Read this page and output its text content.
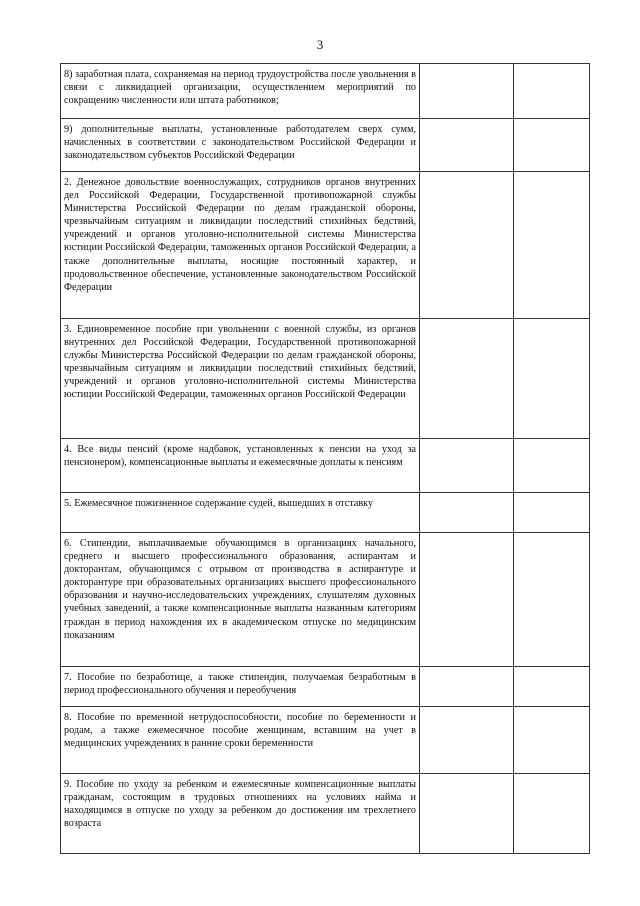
3
8) заработная плата, сохраняемая на период трудоустройства после увольнения в связи с ликвидацией организации, осуществлением мероприятий по сокращению численности или штата работников;		

9) дополнительные выплаты, установленные работодателем сверх сумм, начисленных в соответствии с законодательством Российской Федерации и законодательством субъектов Российской Федерации		

2. Денежное довольствие военнослужащих, сотрудников органов внутренних дел Российской Федерации, Государственной противопожарной службы Министерства Российской Федерации по делам гражданской обороны, чрезвычайным ситуациям и ликвидации последствий стихийных бедствий, учреждений и органов уголовно-исполнительной системы Министерства юстиции Российской Федерации, таможенных органов Российской Федерации, а также дополнительные выплаты, носящие постоянный характер, и продовольственное обеспечение, установленные законодательством Российской Федерации		

3. Единовременное пособие при увольнении с военной службы, из органов внутренних дел Российской Федерации, Государственной противопожарной службы Министерства Российской Федерации по делам гражданской обороны, чрезвычайным ситуациям и ликвидации последствий стихийных бедствий, учреждений и органов уголовно-исполнительной системы Министерства юстиции Российской Федерации, таможенных органов Российской Федерации		

4. Все виды пенсий (кроме надбавок, установленных к пенсии на уход за пенсионером), компенсационные выплаты и ежемесячные доплаты к пенсиям		

5. Ежемесячное пожизненное содержание судей, вышедших в отставку		

6. Стипендии, выплачиваемые обучающимся в организациях начального, среднего и высшего профессионального образования, аспирантам и докторантам, обучающимся с отрывом от производства в аспирантуре и докторантуре при образовательных организациях высшего профессионального образования и научно-исследовательских учреждениях, слушателям духовных учебных заведений, а также компенсационные выплаты названным категориям граждан в период нахождения их в академическом отпуске по медицинским показаниям		

7. Пособие по безработице, а также стипендия, получаемая безработным в период профессионального обучения и переобучения		

8. Пособие по временной нетрудоспособности, пособие по беременности и родам, а также ежемесячное пособие женщинам, вставшим на учет в медицинских учреждениях в ранние сроки беременности		

9. Пособие по уходу за ребенком и ежемесячные компенсационные выплаты гражданам, состоящим в трудовых отношениях на условиях найма и находящимся в отпуске по уходу за ребенком до достижения им трехлетнего возраста		
